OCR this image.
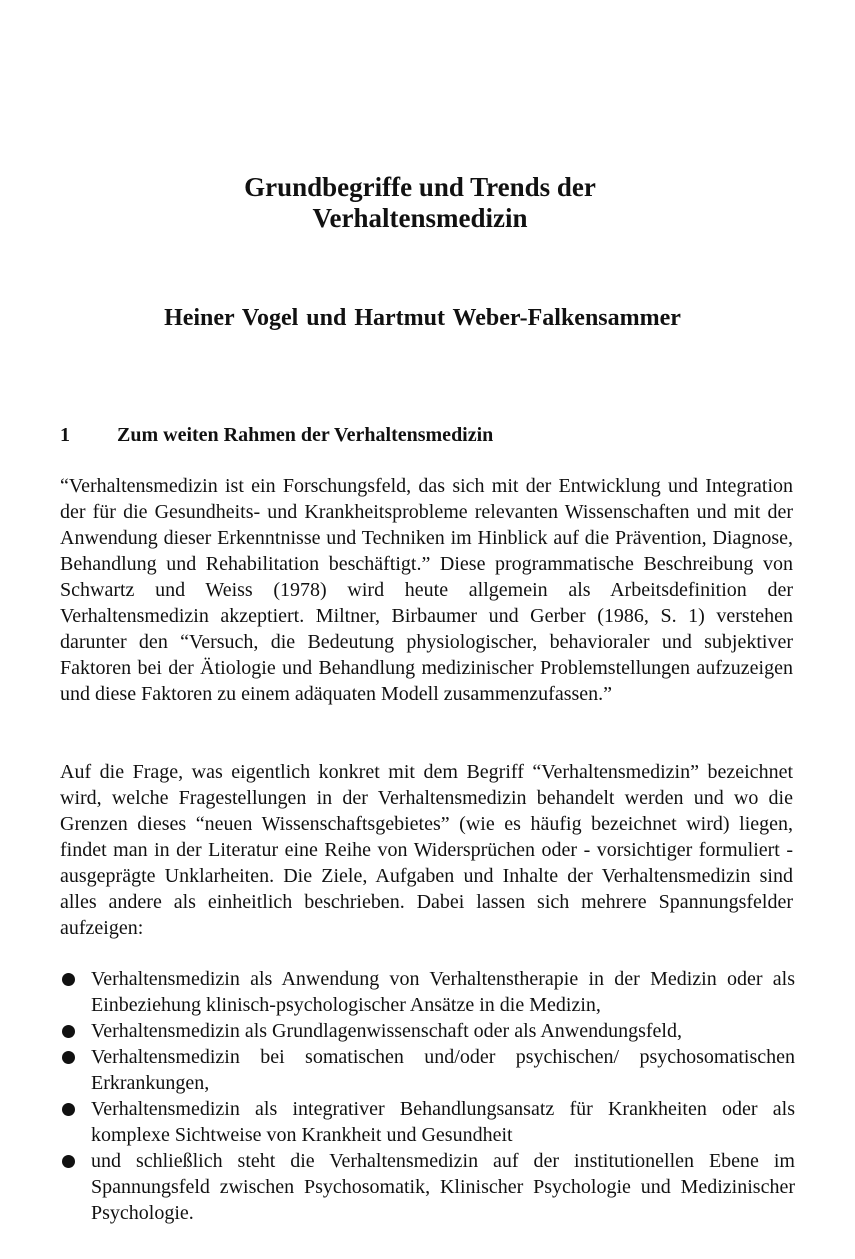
Grundbegriffe und Trends der
Verhaltensmedizin

Heiner Vogel und Hartmut Weber-Falkensammer

1 Zum weiten Rahmen der Verhaltensmedizin

“Verhaltensmedizin ist ein Forschungsfeld, das sich mit der Entwicklung und Integration der für die Gesundheits- und Krankheitsprobleme relevanten Wissenschaften und mit der Anwendung dieser Erkenntnisse und Techniken im Hinblick auf die Prävention, Diagnose, Behandlung und Rehabilitation beschäftigt.” Diese programmatische Beschreibung von Schwartz und Weiss (1978) wird heute allgemein als Arbeitsdefinition der Verhaltensmedizin akzeptiert. Miltner, Birbaumer und Gerber (1986, S. 1) verstehen darunter den “Versuch, die Bedeutung physiologischer, behavioraler und subjektiver Faktoren bei der Ätiologie und Behandlung medizinischer Problemstellungen aufzuzeigen und diese Faktoren zu einem adäquaten Modell zusammenzufassen.”

Auf die Frage, was eigentlich konkret mit dem Begriff “Verhaltensmedizin” bezeichnet wird, welche Fragestellungen in der Verhaltensmedizin behandelt werden und wo die Grenzen dieses “neuen Wissenschaftsgebietes” (wie es häufig bezeichnet wird) liegen, findet man in der Literatur eine Reihe von Widersprüchen oder - vorsichtiger formuliert - ausgeprägte Unklarheiten. Die Ziele, Aufgaben und Inhalte der Verhaltensmedizin sind alles andere als einheitlich beschrieben. Dabei lassen sich mehrere Spannungsfelder aufzeigen:

Verhaltensmedizin als Anwendung von Verhaltenstherapie in der Medizin oder als Einbeziehung klinisch-psychologischer Ansätze in die Medizin,
Verhaltensmedizin als Grundlagenwissenschaft oder als Anwendungsfeld,
Verhaltensmedizin bei somatischen und/oder psychischen/ psychosomatischen Erkrankungen,
Verhaltensmedizin als integrativer Behandlungsansatz für Krankheiten oder als komplexe Sichtweise von Krankheit und Gesundheit
und schließlich steht die Verhaltensmedizin auf der institutionellen Ebene im Spannungsfeld zwischen Psychosomatik, Klinischer Psychologie und Medizinischer Psychologie.
